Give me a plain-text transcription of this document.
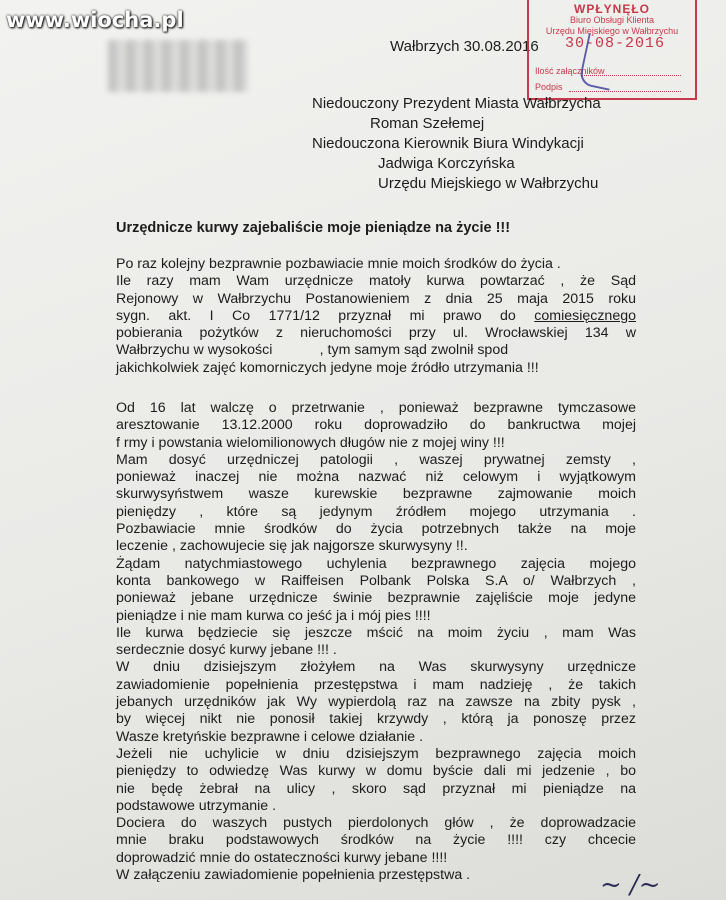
www.wiocha.pl
Wałbrzych 30.08.2016
WPŁYNĘŁO
Biuro Obsługi Klienta
Urzędu Miejskiego w Wałbrzychu
30-08-2016
Ilość załączników
Podpis
Niedouczony Prezydent Miasta Wałbrzycha
Roman Szełemej
Niedouczona Kierownik Biura Windykacji
Jadwiga Korczyńska
Urzędu Miejskiego w Wałbrzychu
Urzędnicze kurwy zajebaliście moje pieniądze na życie !!!
Po raz kolejny bezprawnie pozbawiacie mnie moich środków do życia .
Ile razy mam Wam urzędnicze matoły kurwa powtarzać , że Sąd
Rejonowy w Wałbrzychu Postanowieniem z dnia 25 maja 2015 roku
sygn. akt. I Co 1771/12 przyznał mi prawo do comiesięcznego
pobierania pożytków z nieruchomości przy ul. Wrocławskiej 134 w
Wałbrzychu w wysokości            , tym samym sąd zwolnił spod
jakichkolwiek zajęć komorniczych jedyne moje źródło utrzymania !!!
Od 16 lat walczę o przetrwanie , ponieważ bezprawne tymczasowe
aresztowanie 13.12.2000 roku doprowadziło do bankructwa mojej
f rmy i powstania wielomilionowych długów nie z mojej winy !!!
Mam dosyć urzędniczej patologii , waszej prywatnej zemsty ,
ponieważ inaczej nie można nazwać niż celowym i wyjątkowym
skurwysyństwem wasze kurewskie bezprawne zajmowanie moich
pieniędzy , które są jedynym źródłem mojego utrzymania .
Pozbawiacie mnie środków do życia potrzebnych także na moje
leczenie , zachowujecie się jak najgorsze skurwysyny !!.
Żądam natychmiastowego uchylenia bezprawnego zajęcia mojego
konta bankowego w Raiffeisen Polbank Polska S.A o/ Wałbrzych ,
ponieważ jebane urzędnicze świnie bezprawnie zajęliście moje jedyne
pieniądze i nie mam kurwa co jeść ja i mój pies !!!!
Ile kurwa będziecie się jeszcze mścić na moim życiu , mam Was
serdecznie dosyć kurwy jebane !!! .
W dniu dzisiejszym złożyłem na Was skurwysyny urzędnicze
zawiadomienie popełnienia przestępstwa i mam nadzieję , że takich
jebanych urzędników jak Wy wypierdolą raz na zawsze na zbity pysk ,
by więcej nikt nie ponosił takiej krzywdy , którą ja ponoszę przez
Wasze kretyńskie bezprawne i celowe działanie .
Jeżeli nie uchylicie w dniu dzisiejszym bezprawnego zajęcia moich
pieniędzy to odwiedzę Was kurwy w domu byście dali mi jedzenie , bo
nie będę żebrał na ulicy , skoro sąd przyznał mi pieniądze na
podstawowe utrzymanie .
Dociera do waszych pustych pierdolonych głów , że doprowadzacie
mnie braku podstawowych środków na życie !!!! czy chcecie
doprowadzić mnie do ostateczności kurwy jebane !!!!
W załączeniu zawiadomienie popełnienia przestępstwa .	~ /~
